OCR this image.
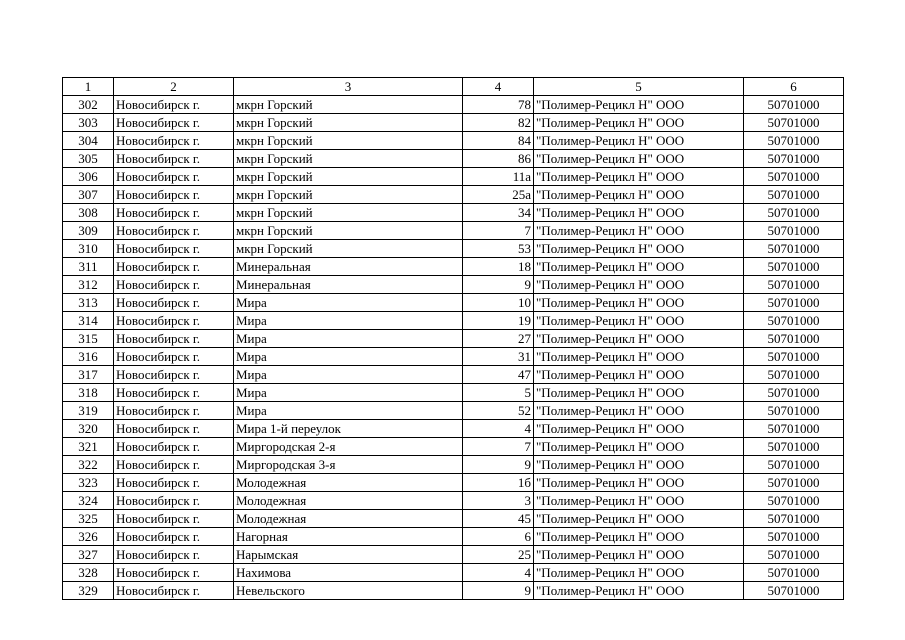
1	2	3	4	5	6
302	Новосибирск г.	мкрн Горский	78	"Полимер-Рецикл Н" ООО	50701000
303	Новосибирск г.	мкрн Горский	82	"Полимер-Рецикл Н" ООО	50701000
304	Новосибирск г.	мкрн Горский	84	"Полимер-Рецикл Н" ООО	50701000
305	Новосибирск г.	мкрн Горский	86	"Полимер-Рецикл Н" ООО	50701000
306	Новосибирск г.	мкрн Горский	11а	"Полимер-Рецикл Н" ООО	50701000
307	Новосибирск г.	мкрн Горский	25а	"Полимер-Рецикл Н" ООО	50701000
308	Новосибирск г.	мкрн Горский	34	"Полимер-Рецикл Н" ООО	50701000
309	Новосибирск г.	мкрн Горский	7	"Полимер-Рецикл Н" ООО	50701000
310	Новосибирск г.	мкрн Горский	53	"Полимер-Рецикл Н" ООО	50701000
311	Новосибирск г.	Минеральная	18	"Полимер-Рецикл Н" ООО	50701000
312	Новосибирск г.	Минеральная	9	"Полимер-Рецикл Н" ООО	50701000
313	Новосибирск г.	Мира	10	"Полимер-Рецикл Н" ООО	50701000
314	Новосибирск г.	Мира	19	"Полимер-Рецикл Н" ООО	50701000
315	Новосибирск г.	Мира	27	"Полимер-Рецикл Н" ООО	50701000
316	Новосибирск г.	Мира	31	"Полимер-Рецикл Н" ООО	50701000
317	Новосибирск г.	Мира	47	"Полимер-Рецикл Н" ООО	50701000
318	Новосибирск г.	Мира	5	"Полимер-Рецикл Н" ООО	50701000
319	Новосибирск г.	Мира	52	"Полимер-Рецикл Н" ООО	50701000
320	Новосибирск г.	Мира 1-й переулок	4	"Полимер-Рецикл Н" ООО	50701000
321	Новосибирск г.	Миргородская 2-я	7	"Полимер-Рецикл Н" ООО	50701000
322	Новосибирск г.	Миргородская 3-я	9	"Полимер-Рецикл Н" ООО	50701000
323	Новосибирск г.	Молодежная	1б	"Полимер-Рецикл Н" ООО	50701000
324	Новосибирск г.	Молодежная	3	"Полимер-Рецикл Н" ООО	50701000
325	Новосибирск г.	Молодежная	45	"Полимер-Рецикл Н" ООО	50701000
326	Новосибирск г.	Нагорная	6	"Полимер-Рецикл Н" ООО	50701000
327	Новосибирск г.	Нарымская	25	"Полимер-Рецикл Н" ООО	50701000
328	Новосибирск г.	Нахимова	4	"Полимер-Рецикл Н" ООО	50701000
329	Новосибирск г.	Невельского	9	"Полимер-Рецикл Н" ООО	50701000
